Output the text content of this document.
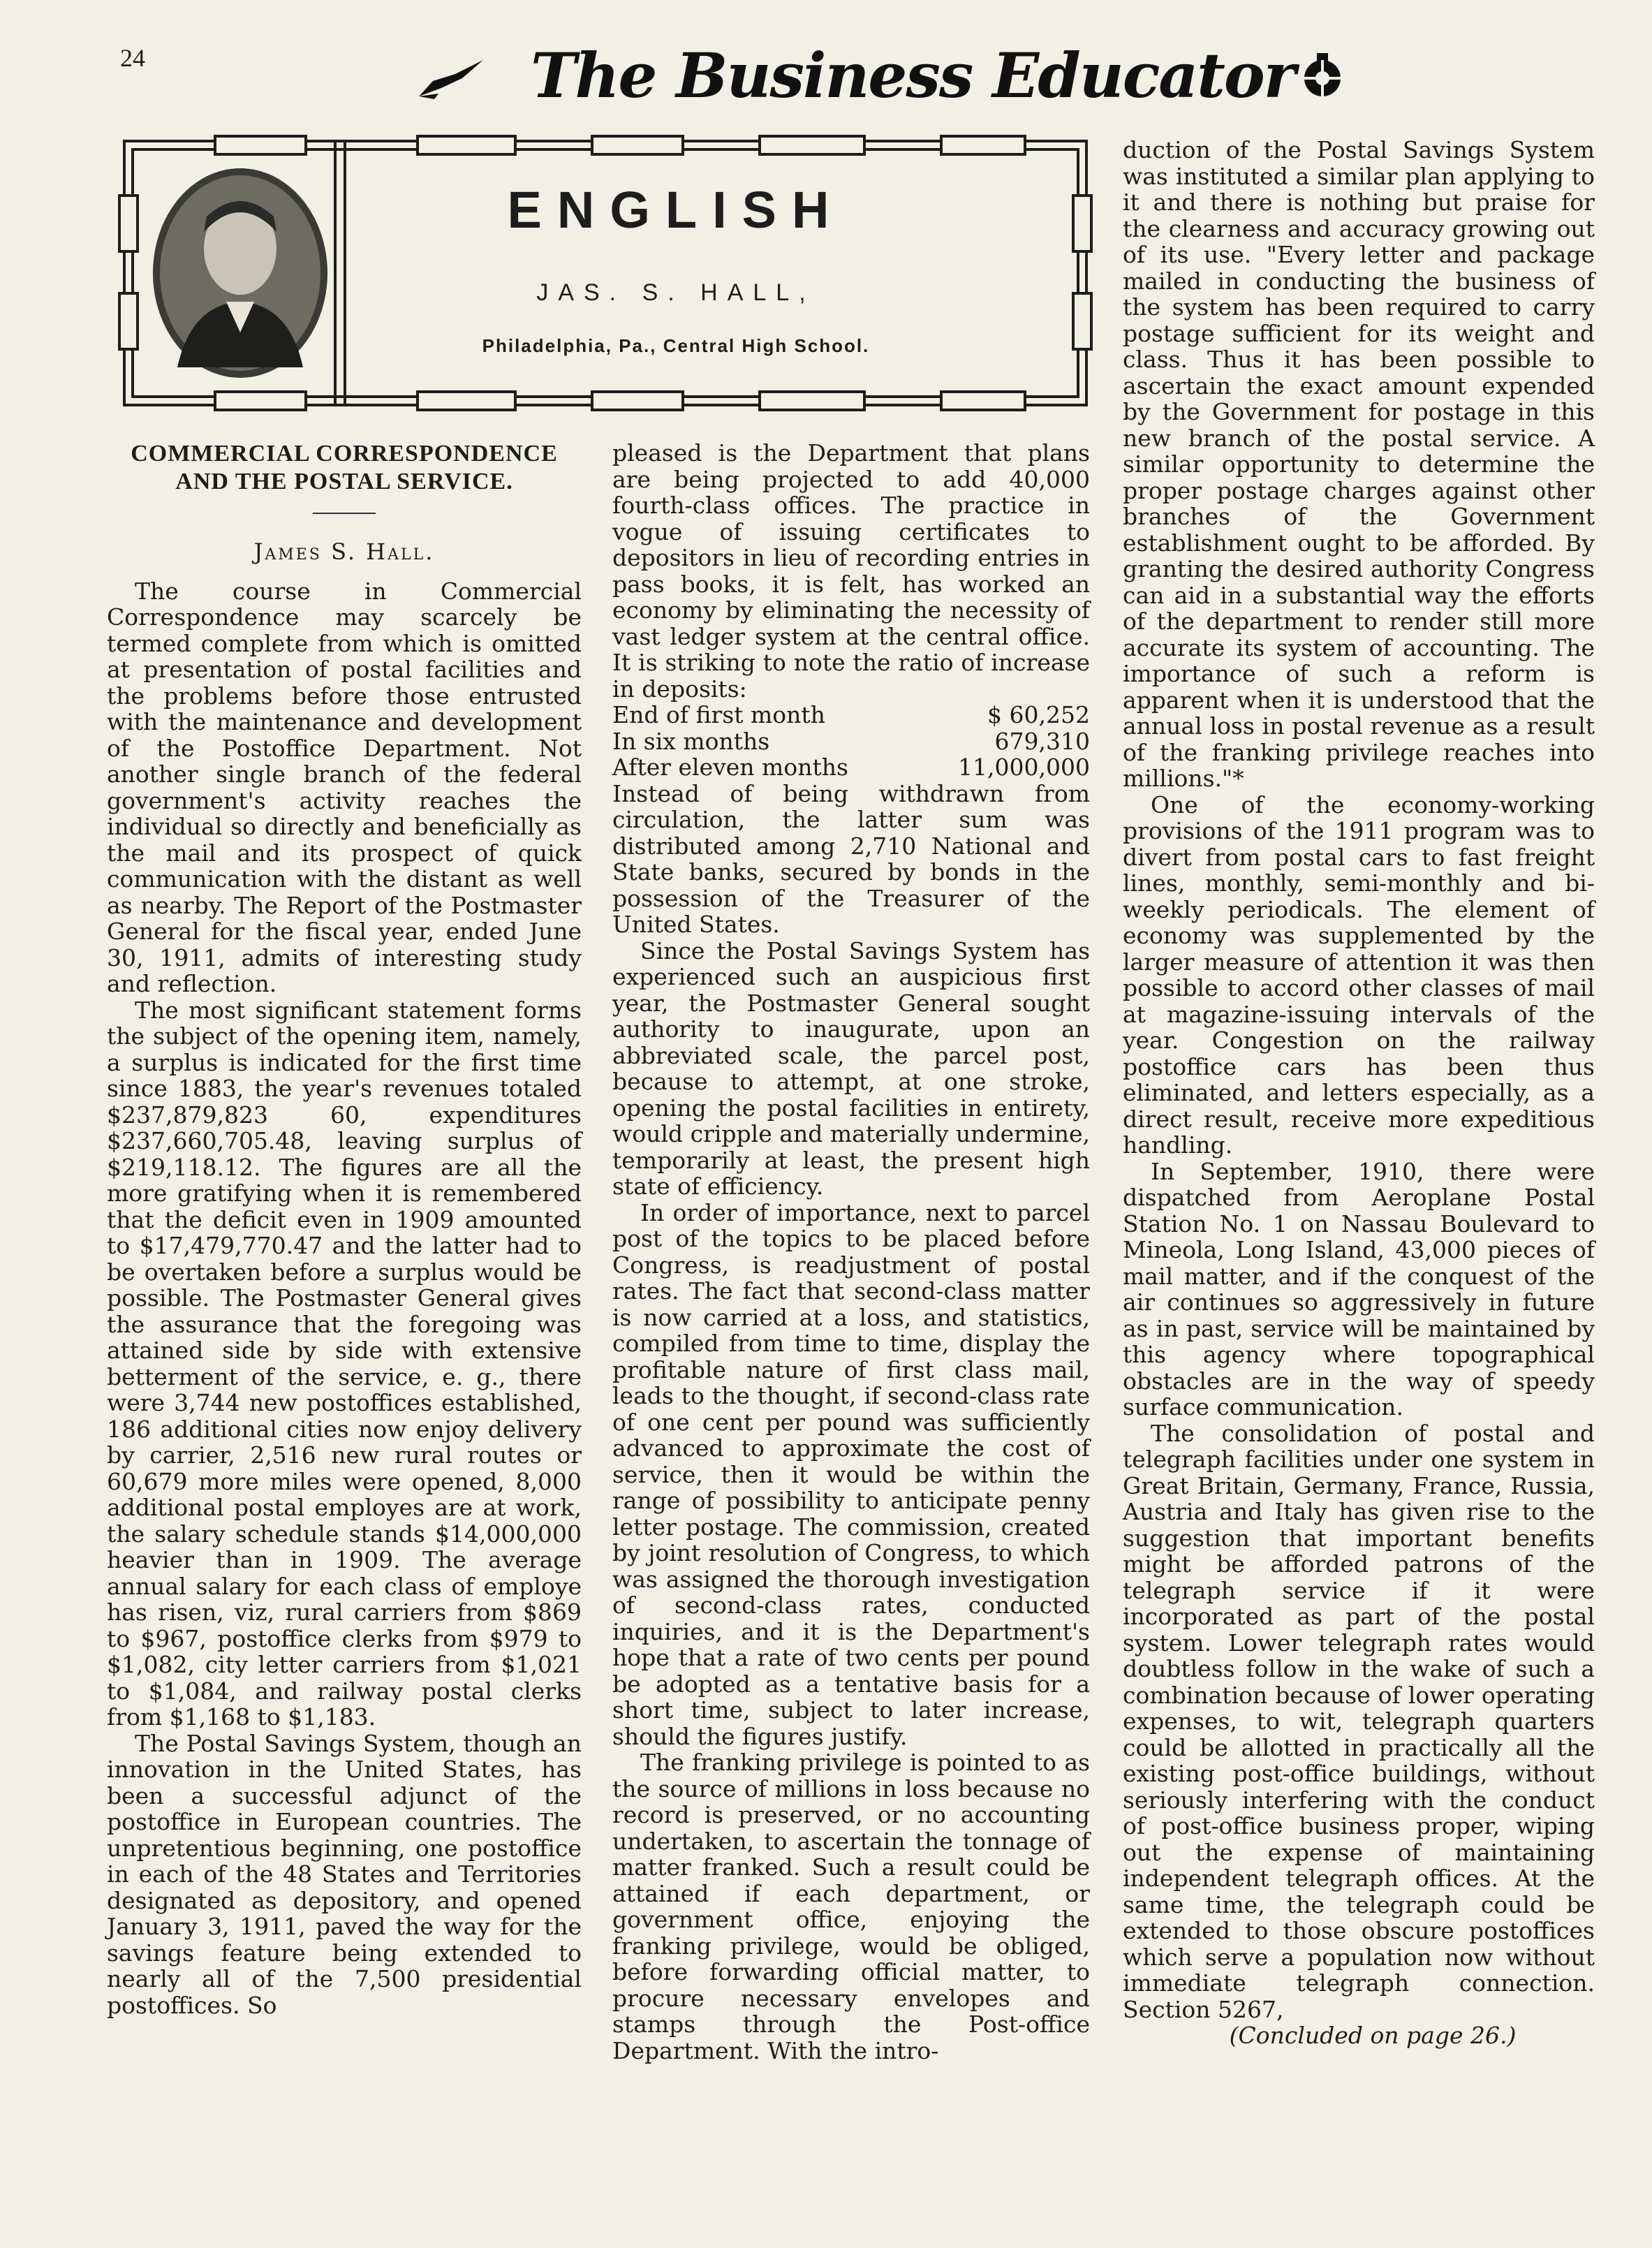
24	The Business Educator
ENGLISH
JAS. S. HALL,
Philadelphia, Pa., Central High School.
COMMERCIAL CORRESPONDENCE AND THE POSTAL SERVICE.
James S. Hall.

The course in Commercial Correspondence may scarcely be termed complete from which is omitted at presentation of postal facilities and the problems before those entrusted with the maintenance and development of the Postoffice Department. Not another single branch of the federal government's activity reaches the individual so directly and beneficially as the mail and its prospect of quick communication with the distant as well as nearby. The Report of the Postmaster General for the fiscal year, ended June 30, 1911, admits of interesting study and reflection.

The most significant statement forms the subject of the opening item, namely, a surplus is indicated for the first time since 1883, the year's revenues totaled $237,879,823 60, expenditures $237,660,705.48, leaving surplus of $219,118.12. The figures are all the more gratifying when it is remembered that the deficit even in 1909 amounted to $17,479,770.47 and the latter had to be overtaken before a surplus would be possible. The Postmaster General gives the assurance that the foregoing was attained side by side with extensive betterment of the service, e. g., there were 3,744 new postoffices established, 186 additional cities now enjoy delivery by carrier, 2,516 new rural routes or 60,679 more miles were opened, 8,000 additional postal employes are at work, the salary schedule stands $14,000,000 heavier than in 1909. The average annual salary for each class of employe has risen, viz, rural carriers from $869 to $967, postoffice clerks from $979 to $1,082, city letter carriers from $1,021 to $1,084, and railway postal clerks from $1,168 to $1,183.

The Postal Savings System, though an innovation in the United States, has been a successful adjunct of the postoffice in European countries. The unpretentious beginning, one postoffice in each of the 48 States and Territories designated as depository, and opened January 3, 1911, paved the way for the savings feature being extended to nearly all of the 7,500 presidential postoffices. So

pleased is the Department that plans are being projected to add 40,000 fourth-class offices. The practice in vogue of issuing certificates to depositors in lieu of recording entries in pass books, it is felt, has worked an economy by eliminating the necessity of vast ledger system at the central office. It is striking to note the ratio of increase in deposits:

End of first month	$ 60,252
In six months	679,310
After eleven months	11,000,000

Instead of being withdrawn from circulation, the latter sum was distributed among 2,710 National and State banks, secured by bonds in the possession of the Treasurer of the United States.

Since the Postal Savings System has experienced such an auspicious first year, the Postmaster General sought authority to inaugurate, upon an abbreviated scale, the parcel post, because to attempt, at one stroke, opening the postal facilities in entirety, would cripple and materially undermine, temporarily at least, the present high state of efficiency.

In order of importance, next to parcel post of the topics to be placed before Congress, is readjustment of postal rates. The fact that second-class matter is now carried at a loss, and statistics, compiled from time to time, display the profitable nature of first class mail, leads to the thought, if second-class rate of one cent per pound was sufficiently advanced to approximate the cost of service, then it would be within the range of possibility to anticipate penny letter postage. The commission, created by joint resolution of Congress, to which was assigned the thorough investigation of second-class rates, conducted inquiries, and it is the Department's hope that a rate of two cents per pound be adopted as a tentative basis for a short time, subject to later increase, should the figures justify.

The franking privilege is pointed to as the source of millions in loss because no record is preserved, or no accounting undertaken, to ascertain the tonnage of matter franked. Such a result could be attained if each department, or government office, enjoying the franking privilege, would be obliged, before forwarding official matter, to procure necessary envelopes and stamps through the Post-office Department. With the intro-

duction of the Postal Savings System was instituted a similar plan applying to it and there is nothing but praise for the clearness and accuracy growing out of its use. "Every letter and package mailed in conducting the business of the system has been required to carry postage sufficient for its weight and class. Thus it has been possible to ascertain the exact amount expended by the Government for postage in this new branch of the postal service. A similar opportunity to determine the proper postage charges against other branches of the Government establishment ought to be afforded. By granting the desired authority Congress can aid in a substantial way the efforts of the department to render still more accurate its system of accounting. The importance of such a reform is apparent when it is understood that the annual loss in postal revenue as a result of the franking privilege reaches into millions."*

One of the economy-working provisions of the 1911 program was to divert from postal cars to fast freight lines, monthly, semi-monthly and bi-weekly periodicals. The element of economy was supplemented by the larger measure of attention it was then possible to accord other classes of mail at magazine-issuing intervals of the year. Congestion on the railway postoffice cars has been thus eliminated, and letters especially, as a direct result, receive more expeditious handling.

In September, 1910, there were dispatched from Aeroplane Postal Station No. 1 on Nassau Boulevard to Mineola, Long Island, 43,000 pieces of mail matter, and if the conquest of the air continues so aggressively in future as in past, service will be maintained by this agency where topographical obstacles are in the way of speedy surface communication.

The consolidation of postal and telegraph facilities under one system in Great Britain, Germany, France, Russia, Austria and Italy has given rise to the suggestion that important benefits might be afforded patrons of the telegraph service if it were incorporated as part of the postal system. Lower telegraph rates would doubtless follow in the wake of such a combination because of lower operating expenses, to wit, telegraph quarters could be allotted in practically all the existing post-office buildings, without seriously interfering with the conduct of post-office business proper, wiping out the expense of maintaining independent telegraph offices. At the same time, the telegraph could be extended to those obscure postoffices which serve a population now without immediate telegraph connection. Section 5267,

(Concluded on page 26.)
